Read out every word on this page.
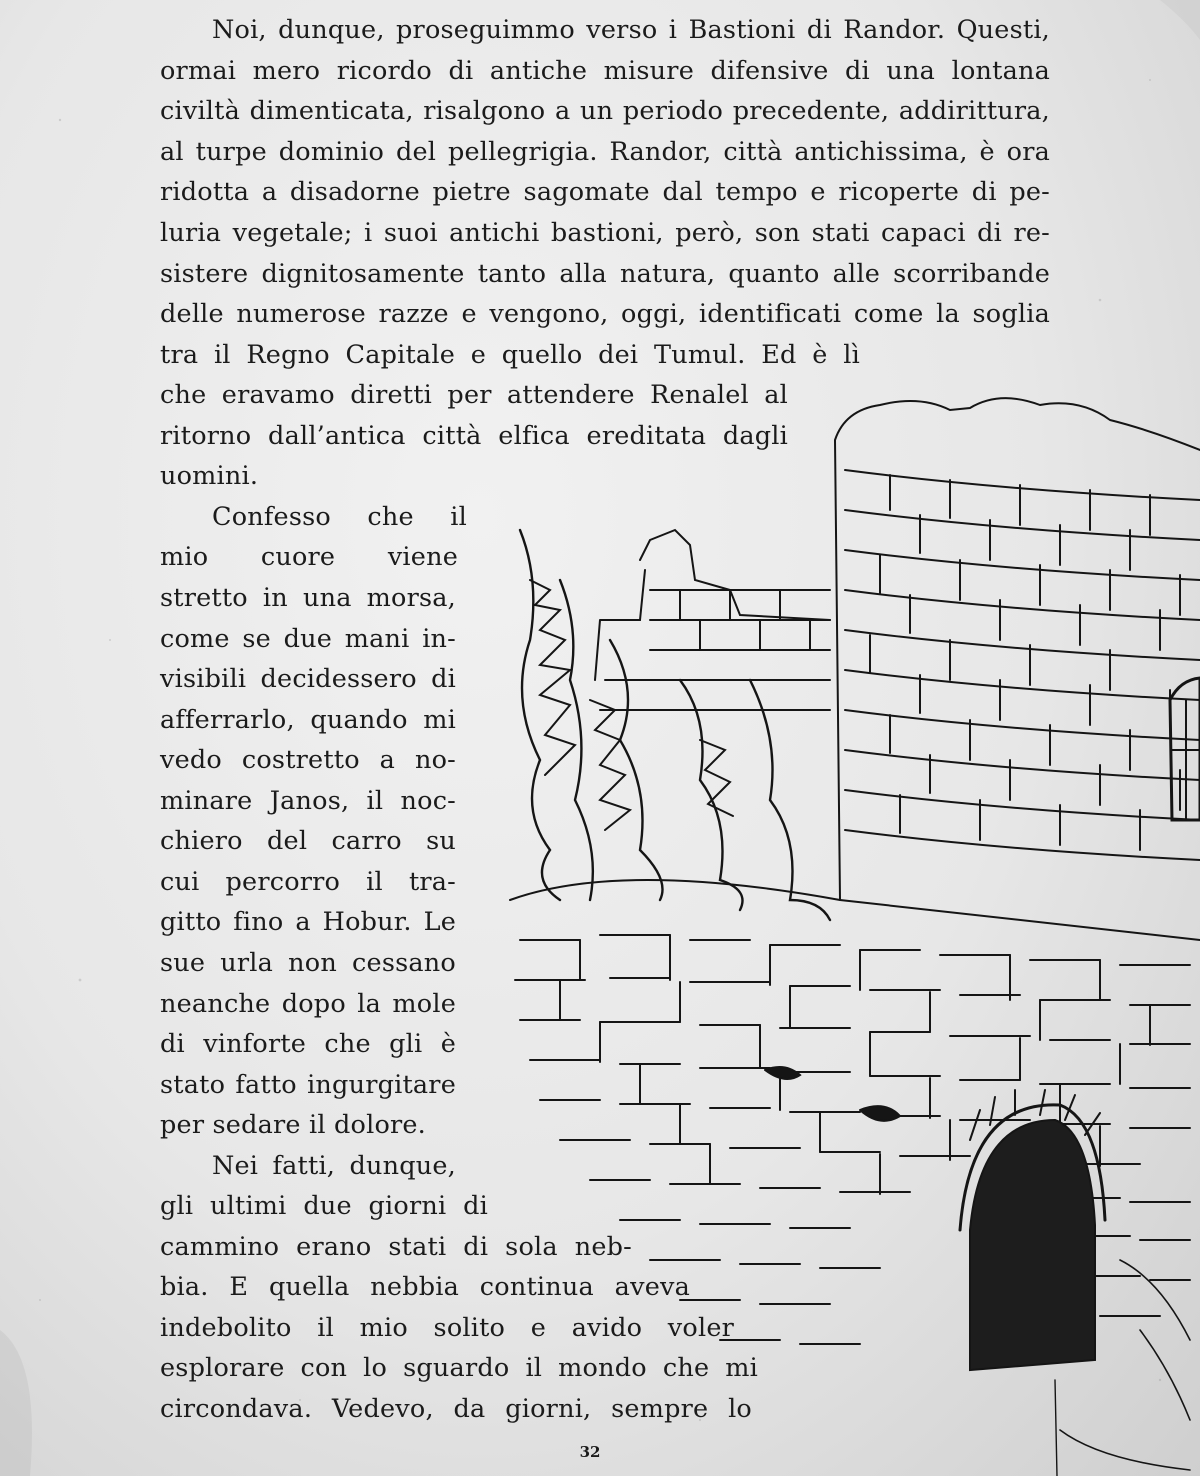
Noi, dunque, proseguimmo verso i Bastioni di Randor. Questi,

ormai mero ricordo di antiche misure difensive di una lontana

civiltà dimenticata, risalgono a un periodo precedente, addirittura,

al turpe dominio del pellegrigia. Randor, città antichissima, è ora

ridotta a disadorne pietre sagomate dal tempo e ricoperte di pe-

luria vegetale; i suoi antichi bastioni, però, son stati capaci di re-

sistere dignitosamente tanto alla natura, quanto alle scorribande

delle numerose razze e vengono, oggi, identificati come la soglia

tra il Regno Capitale e quello dei Tumul. Ed è lì

che eravamo diretti per attendere Renalel al

ritorno dall’antica città elfica ereditata dagli

uomini.

Confesso che il

mio cuore viene

stretto in una morsa,

come se due mani in-

visibili decidessero di

afferrarlo, quando mi

vedo costretto a no-

minare Janos, il noc-

chiero del carro su

cui percorro il tra-

gitto fino a Hobur. Le

sue urla non cessano

neanche dopo la mole

di vinforte che gli è

stato fatto ingurgitare

per sedare il dolore.

Nei fatti, dunque,

gli ultimi due giorni di

cammino erano stati di sola neb-

bia. E quella nebbia continua aveva

indebolito il mio solito e avido voler

esplorare con lo sguardo il mondo che mi

circondava. Vedevo, da giorni, sempre lo

32
